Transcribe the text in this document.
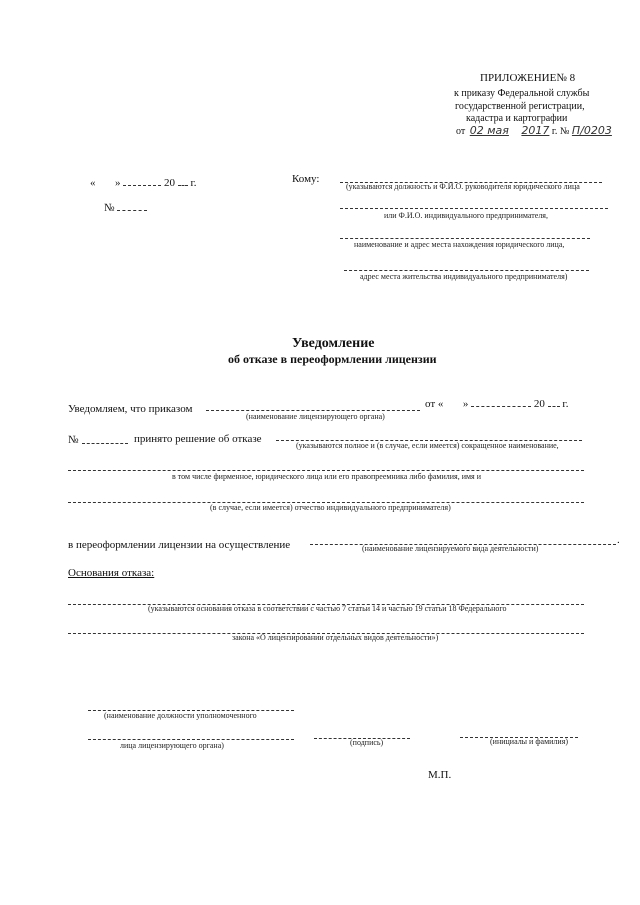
ПРИЛОЖЕНИЕ№ 8
к приказу Федеральной службы
государственной регистрации,
кадастра и картографии
от 02 мая 2017 г. № П/0203
« »	20 г.
№
Кому:
(указываются должность и Ф.И.О. руководителя юридического лица
или Ф.И.О. индивидуального предпринимателя,
наименование и адрес места нахождения юридического лица,
адрес места жительства индивидуального предпринимателя)
Уведомление
об отказе в переоформлении лицензии
Уведомляем, что приказом
(наименование лицензирующего органа)
от « »	20 г.
№	принято решение об отказе
(указываются полное и (в случае, если имеется) сокращенное наименование,
в том числе фирменное, юридического лица или его правопреемника либо фамилия, имя и
(в случае, если имеется) отчество индивидуального предпринимателя)
в переоформлении лицензии на осуществление	.
(наименование лицензируемого вида деятельности)
Основания отказа:
(указываются основания отказа в соответствии с частью 7 статьи 14 и частью 19 статьи 18 Федерального
закона «О лицензировании отдельных видов деятельности»)
(наименование должности уполномоченного
лица лицензирующего органа)	(подпись)	(инициалы и фамилия)
М.П.
